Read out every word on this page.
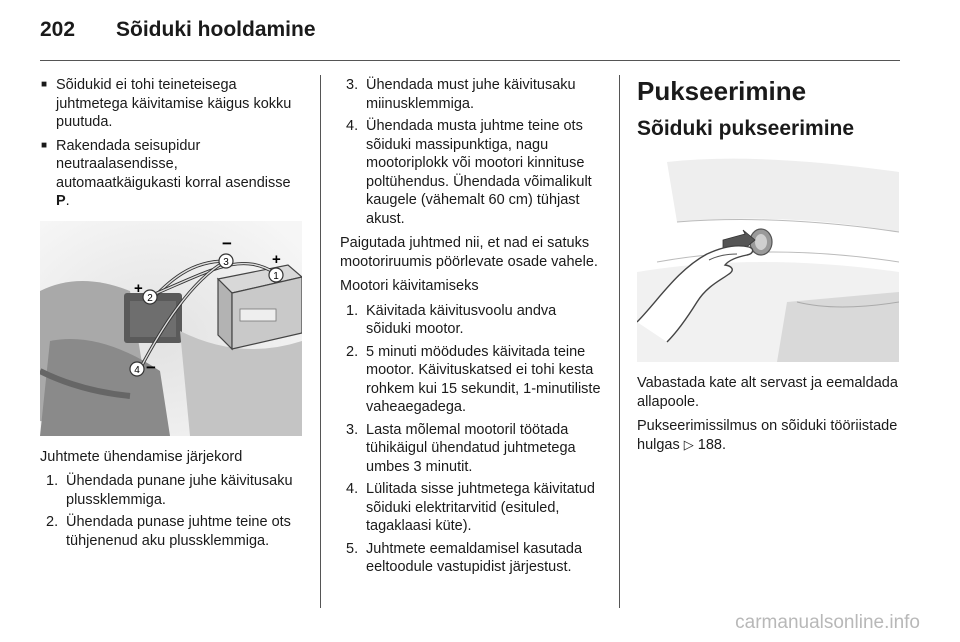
202 Sõiduki hooldamine
■ Sõidukid ei tohi teineteisega juhtmetega käivitamise käigus kokku puutuda.
■ Rakendada seisupidur neutraalasendisse, automaatkäigukasti korral asendisse P.
1
2
3
4
+
+
−
−

Juhtmete ühendamise järjekord

1. Ühendada punane juhe käivitusaku plussklemmiga.
2. Ühendada punase juhtme teine ots tühjenenud aku plussklemmiga.
3. Ühendada must juhe käivitusaku miinusklemmiga.
4. Ühendada musta juhtme teine ots sõiduki massipunktiga, nagu mootoriplokk või mootori kinnituse poltühendus. Ühendada võimalikult kaugele (vähemalt 60 cm) tühjast akust.

Paigutada juhtmed nii, et nad ei satuks mootoriruumis pöörlevate osade vahele.

Mootori käivitamiseks

1. Käivitada käivitusvoolu andva sõiduki mootor.
2. 5 minuti möödudes käivitada teine mootor. Käivituskatsed ei tohi kesta rohkem kui 15 sekundit, 1-minutiliste vaheaegadega.
3. Lasta mõlemal mootoril töötada tühikäigul ühendatud juhtmetega umbes 3 minutit.
4. Lülitada sisse juhtmetega käivitatud sõiduki elektritarvitid (esituled, tagaklaasi küte).
5. Juhtmete eemaldamisel kasutada eeltoodule vastupidist järjestust.
Pukseerimine
Sõiduki pukseerimine

Vabastada kate alt servast ja eemaldada allapoole.

Pukseerimissilmus on sõiduki tööriistade hulgas ▷ 188.

carmanualsonline.info
